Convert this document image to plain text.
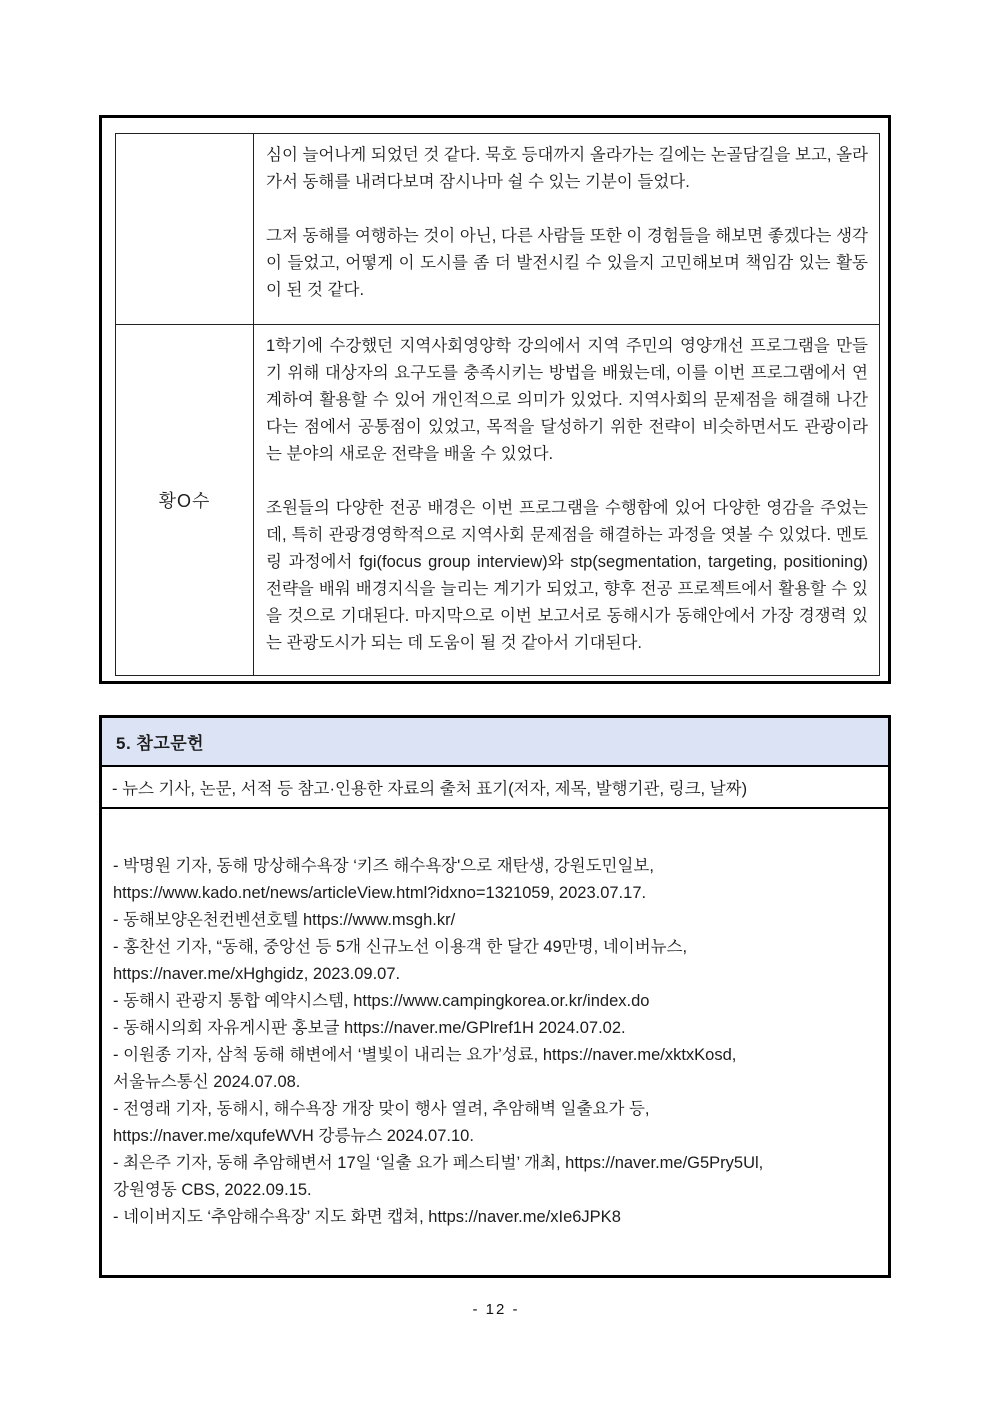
심이 늘어나게 되었던 것 같다. 묵호 등대까지 올라가는 길에는 논골담길을 보고, 올라가서 동해를 내려다보며 잠시나마 쉴 수 있는 기분이 들었다.
그저 동해를 여행하는 것이 아닌, 다른 사람들 또한 이 경험들을 해보면 좋겠다는 생각이 들었고, 어떻게 이 도시를 좀 더 발전시킬 수 있을지 고민해보며 책임감 있는 활동이 된 것 같다.
황O수
1학기에 수강했던 지역사회영양학 강의에서 지역 주민의 영양개선 프로그램을 만들기 위해 대상자의 요구도를 충족시키는 방법을 배웠는데, 이를 이번 프로그램에서 연계하여 활용할 수 있어 개인적으로 의미가 있었다. 지역사회의 문제점을 해결해 나간다는 점에서 공통점이 있었고, 목적을 달성하기 위한 전략이 비슷하면서도 관광이라는 분야의 새로운 전략을 배울 수 있었다.
조원들의 다양한 전공 배경은 이번 프로그램을 수행함에 있어 다양한 영감을 주었는데, 특히 관광경영학적으로 지역사회 문제점을 해결하는 과정을 엿볼 수 있었다. 멘토링 과정에서 fgi(focus group interview)와 stp(segmentation, targeting, positioning) 전략을 배워 배경지식을 늘리는 계기가 되었고, 향후 전공 프로젝트에서 활용할 수 있을 것으로 기대된다. 마지막으로 이번 보고서로 동해시가 동해안에서 가장 경쟁력 있는 관광도시가 되는 데 도움이 될 것 같아서 기대된다.
5. 참고문헌
- 뉴스 기사, 논문, 서적 등 참고·인용한 자료의 출처 표기(저자, 제목, 발행기관, 링크, 날짜)
- 박명원 기자, 동해 망상해수욕장 ‘키즈 해수욕장'으로 재탄생, 강원도민일보,
https://www.kado.net/news/articleView.html?idxno=1321059, 2023.07.17.
- 동해보양온천컨벤션호텔 https://www.msgh.kr/
- 홍찬선 기자, “동해, 중앙선 등 5개 신규노선 이용객 한 달간 49만명, 네이버뉴스,
https://naver.me/xHghgidz, 2023.09.07.
- 동해시 관광지 통합 예약시스템, https://www.campingkorea.or.kr/index.do
- 동해시의회 자유게시판 홍보글 https://naver.me/GPlref1H 2024.07.02.
- 이원종 기자, 삼척 동해 해변에서 ‘별빛이 내리는 요가’성료, https://naver.me/xktxKosd,
서울뉴스통신 2024.07.08.
- 전영래 기자, 동해시, 해수욕장 개장 맞이 행사 열려, 추암해벽 일출요가 등,
https://naver.me/xqufeWVH 강릉뉴스 2024.07.10.
- 최은주 기자, 동해 추암해변서 17일 ‘일출 요가 페스티벌’ 개최, https://naver.me/G5Pry5Ul,
강원영동 CBS, 2022.09.15.
- 네이버지도 ‘추암해수욕장’ 지도 화면 캡쳐, https://naver.me/xIe6JPK8
- 12 -
